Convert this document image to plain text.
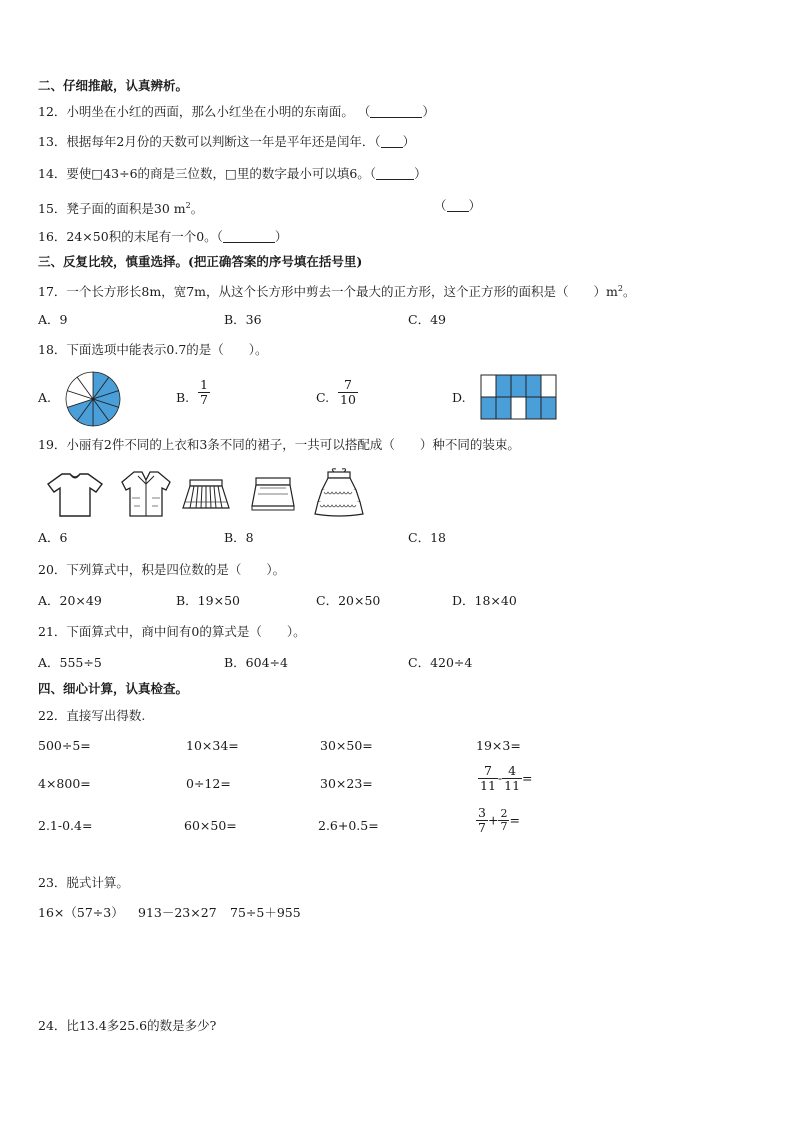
二、仔细推敲，认真辨析。
12．小明坐在小红的西面，那么小红坐在小明的东南面。 （	）
13．根据每年2月份的天数可以判断这一年是平年还是闰年．（ ）
14．要使□43÷6的商是三位数，□里的数字最小可以填6。（	）
15．凳子面的面积是30 $m^2$。	（ ）
16．24×50积的末尾有一个0。（	）
三、反复比较，慎重选择。(把正确答案的序号填在括号里)
17．一个长方形长8m，宽7m，从这个长方形中剪去一个最大的正方形，这个正方形的面积是（　　）$m^2$。
A．9	B．36	C．49
18．下面选项中能表示0.7的是（　　）。
A.	B. $\frac{1}{7}$	C. $\frac{7}{10}$	D.
19．小丽有2件不同的上衣和3条不同的裙子，一共可以搭配成（　　）种不同的装束。
A．6	B．8	C．18
20．下列算式中，积是四位数的是（　　）。
A．20×49	B．19×50	C．20×50	D．18×40
21．下面算式中，商中间有0的算式是（　　）。
A．555÷5	B．604÷4	C．420÷4
四、细心计算，认真检查。
22．直接写出得数.
500÷5=	10×34=	30×50=	19×3=
4×800=	0÷12=	30×23=	$\frac{7}{11} - \frac{4}{11}$ =
2.1-0.4=	60×50=	2.6+0.5=	$\frac{3}{7} + \frac{2}{7}$ =
23．脱式计算。
16×（57÷3） 913－23×27 75÷5＋955
24．比13.4多25.6的数是多少?
